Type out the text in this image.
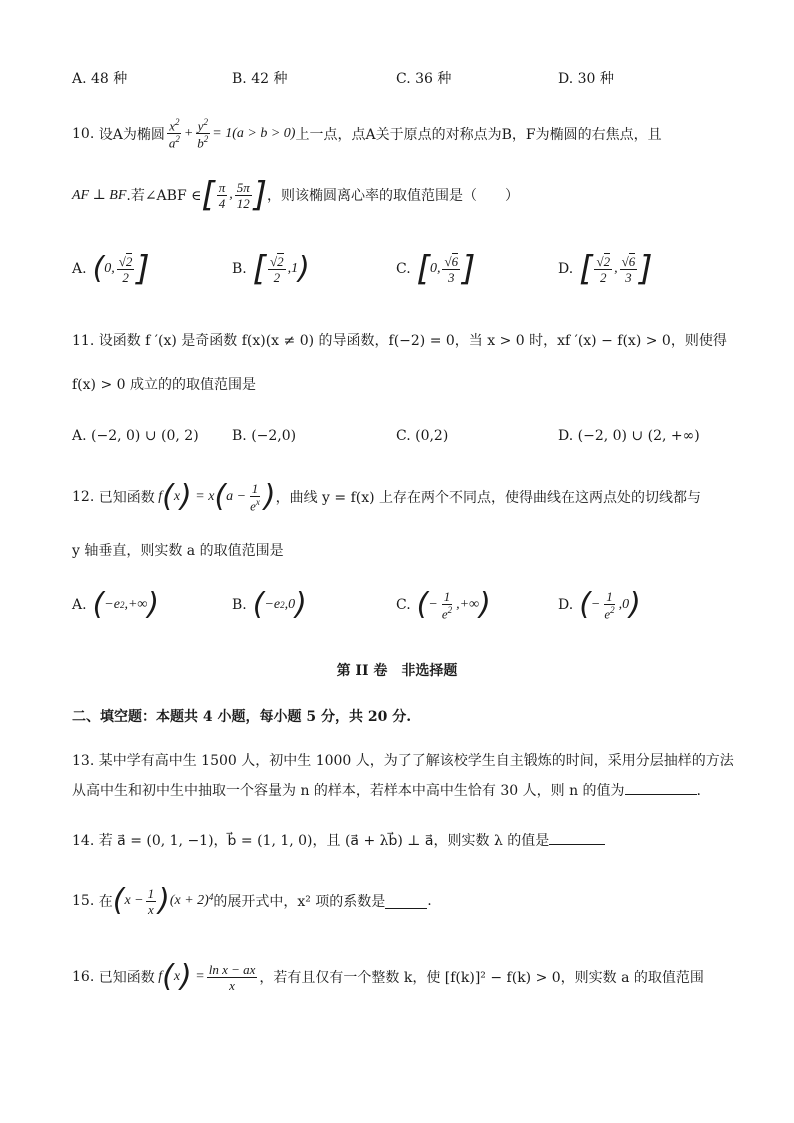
A. 48 种	B. 42 种	C. 36 种	D. 30 种
10.
设A为椭圆 $\frac{x^2}{a^2} + \frac{y^2}{b^2} = 1$ (a > b > 0) 上一点，点A关于原点的对称点为B，F为椭圆的右焦点，且
AF ⊥ BF .若∠ABF ∈ [ $\frac{\pi}{4}$ , $\frac{5\pi}{12}$ ] ，则该椭圆离心率的取值范围是（　　）
A. ( 0, $\frac{√2}{2}$ ]	B. [ $\frac{√2}{2} ,1$ )	C. [ 0, $\frac{√6}{3}$ ]	D. [ $\frac{√2}{2}$ , $\frac{√6}{3}$ ]
11. 设函数 f ′(x) 是奇函数 f(x)(x ≠ 0) 的导函数，f(−2) = 0，当 x > 0 时，xf ′(x) − f(x) > 0，则使得
f(x) > 0 成立的的取值范围是
A. (−2, 0) ∪ (0, 2) B. (−2,0)	C. (0,2)	D. (−2, 0) ∪ (2, +∞)
12.
已知函数 f ( x ) = x ( $a - \frac{1}{e^x}$ ) ，曲线 y = f(x) 上存在两个不同点，使得曲线在这两点处的切线都与
y 轴垂直，则实数 a 的取值范围是
A. ( −e 2 ,+∞ )	B. ( −e 2 ,0 )	C. ( − $\frac{1}{e^2}$ ,+∞ )	D. ( − $\frac{1}{e^2} ,0$ )
第 II 卷　非选择题
二、填空题：本题共 4 小题，每小题 5 分，共 20 分.
13. 某中学有高中生 1500 人，初中生 1000 人，为了了解该校学生自主锻炼的时间，采用分层抽样的方法
从高中生和初中生中抽取一个容量为 n 的样本，若样本中高中生恰有 30 人，则 n 的值为	.
14. 若 a⃗ = (0, 1, −1)，b⃗ = (1, 1, 0)，且 (a⃗ + λb⃗) ⊥ a⃗，则实数 λ 的值是
15.
在 ( $x - \frac{1}{x}$ ) $(x + 2)^4$ 的展开式中，x² 项的系数是	.
16.
已知函数 f ( x ) = $\frac{\text{ln x − ax}}{x}$ ，若有且仅有一个整数 k，使 [f(k)]² − f(k) > 0，则实数 a 的取值范围
